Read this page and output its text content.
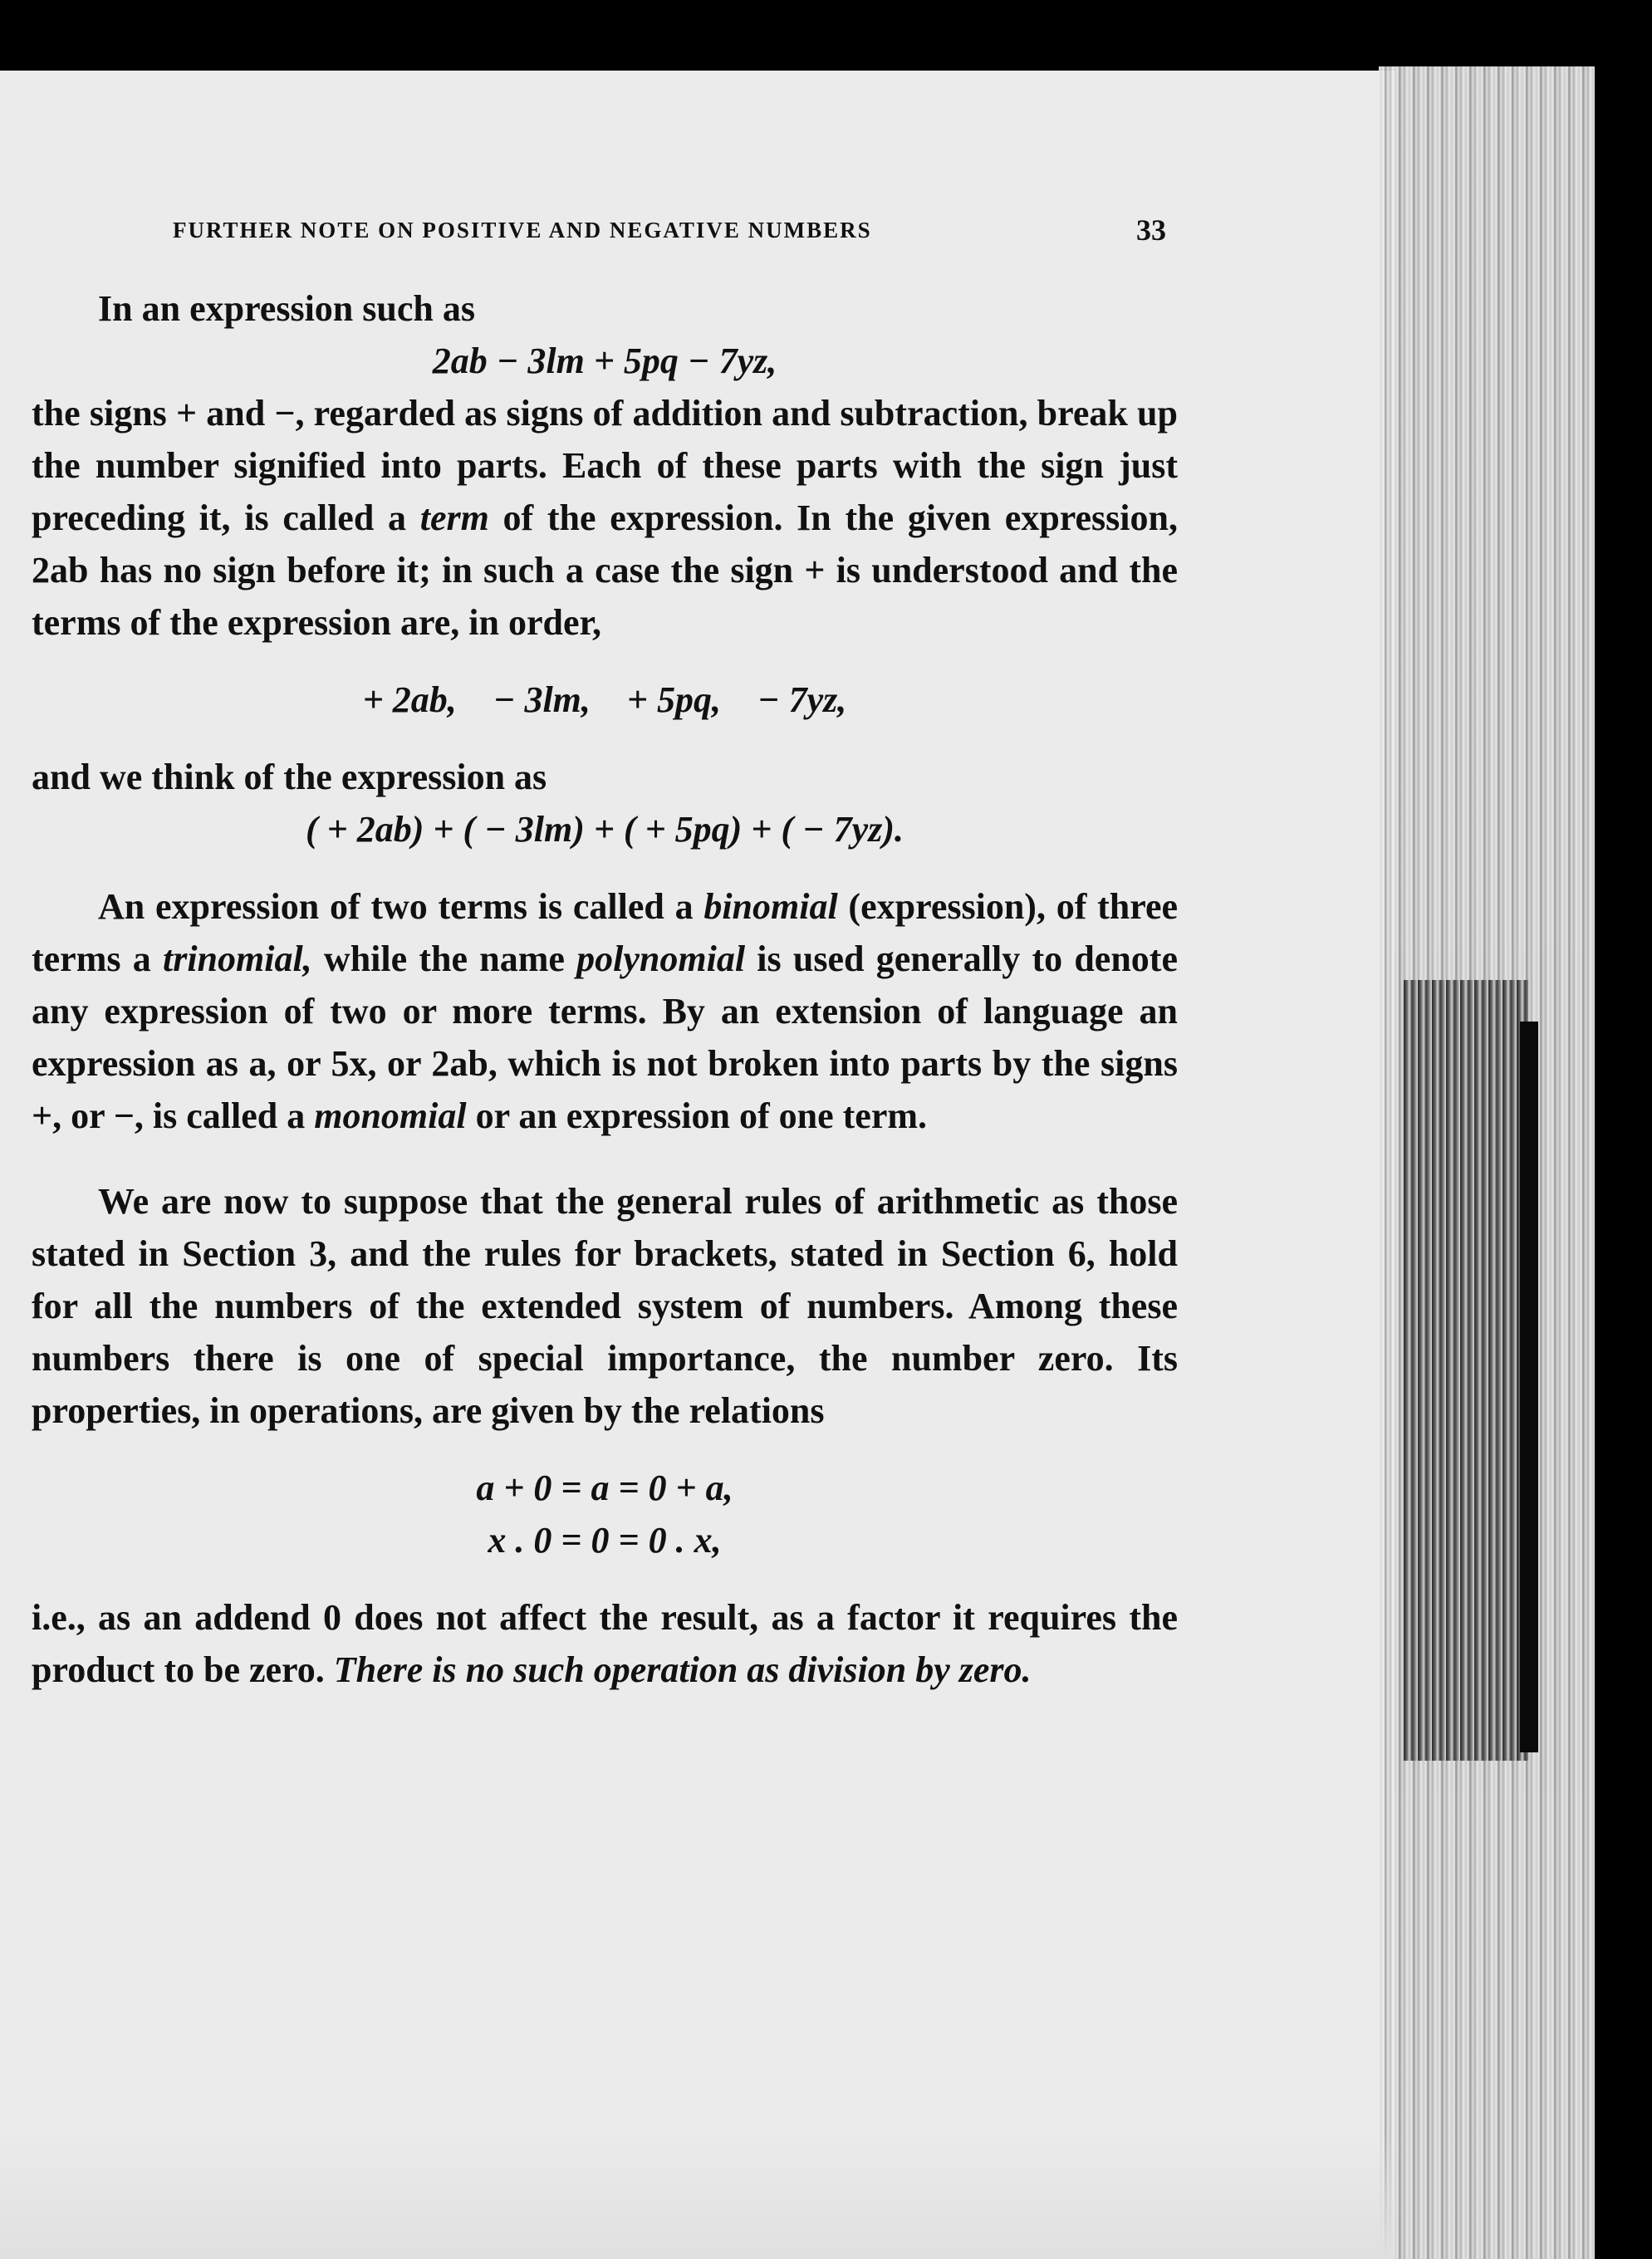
FURTHER NOTE ON POSITIVE AND NEGATIVE NUMBERS	33

In an expression such as

2ab − 3lm + 5pq − 7yz,

the signs + and −, regarded as signs of addition and subtraction, break up the number signified into parts. Each of these parts with the sign just preceding it, is called a term of the expression. In the given expression, 2ab has no sign before it; in such a case the sign + is understood and the terms of the expression are, in order,

+ 2ab,    − 3lm,    + 5pq,    − 7yz,

and we think of the expression as

( + 2ab) + ( − 3lm) + ( + 5pq) + ( − 7yz).

An expression of two terms is called a binomial (expression), of three terms a trinomial, while the name polynomial is used generally to denote any expression of two or more terms. By an extension of language an expression as a, or 5x, or 2ab, which is not broken into parts by the signs +, or −, is called a monomial or an expression of one term.

We are now to suppose that the general rules of arithmetic as those stated in Section 3, and the rules for brackets, stated in Section 6, hold for all the numbers of the extended system of numbers. Among these numbers there is one of special importance, the number zero. Its properties, in operations, are given by the relations

a + 0 = a = 0 + a,

x . 0 = 0 = 0 . x,

i.e., as an addend 0 does not affect the result, as a factor it requires the product to be zero. There is no such operation as division by zero.
